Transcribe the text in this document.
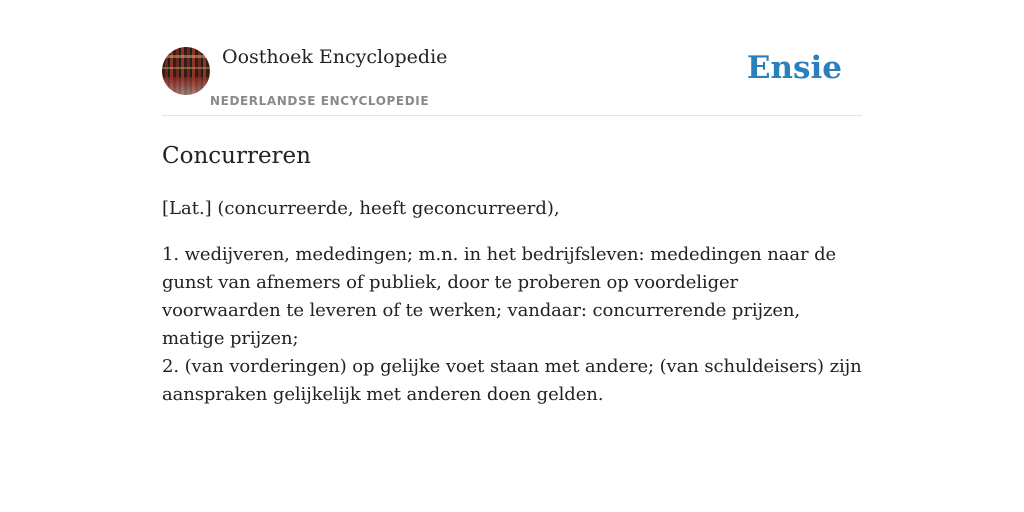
Oosthoek Encyclopedie
NEDERLANDSE ENCYCLOPEDIE
Ensie
Concurreren

[Lat.] (concurreerde, heeft geconcurreerd),

1. wedijveren, mededingen; m.n. in het bedrijfsleven: mededingen naar de gunst van afnemers of publiek, door te proberen op voordeliger voorwaarden te leveren of te werken; vandaar: concurrerende prijzen, matige prijzen;
2. (van vorderingen) op gelijke voet staan met andere; (van schuldeisers) zijn aanspraken gelijkelijk met anderen doen gelden.
